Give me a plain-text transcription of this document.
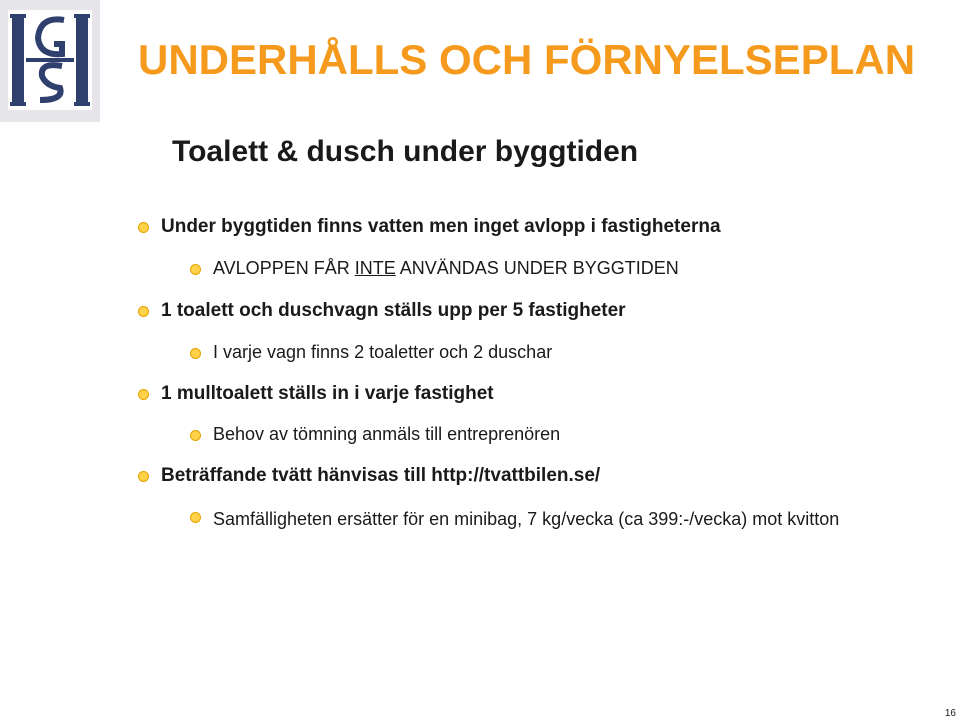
UNDERHÅLLS OCH FÖRNYELSEPLAN
Toalett & dusch under byggtiden
Under byggtiden finns vatten men inget avlopp i fastigheterna
AVLOPPEN FÅR INTE ANVÄNDAS UNDER BYGGTIDEN
1 toalett och duschvagn ställs upp per 5 fastigheter
I varje vagn finns 2 toaletter och 2 duschar
1 mulltoalett ställs in i varje fastighet
Behov av tömning anmäls till entreprenören
Beträffande tvätt hänvisas till http://tvattbilen.se/
Samfälligheten ersätter för en minibag, 7 kg/vecka (ca 399:-/vecka) mot kvitton
16
